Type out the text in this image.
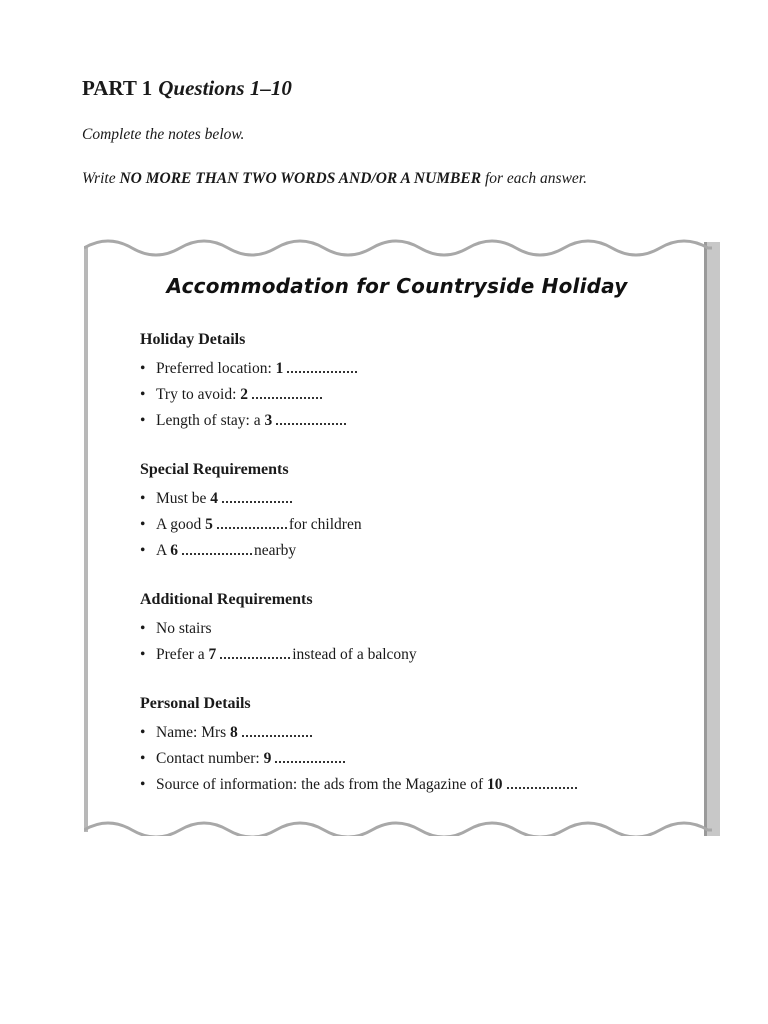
PART 1 Questions 1–10

Complete the notes below.

Write NO MORE THAN TWO WORDS AND/OR A NUMBER for each answer.

Accommodation for Countryside Holiday
Holiday Details
• Preferred location: 1
• Try to avoid: 2
• Length of stay: a 3
Special Requirements
• Must be 4
• A good 5	for children
• A 6	nearby
Additional Requirements
• No stairs
• Prefer a 7	instead of a balcony
Personal Details
• Name: Mrs 8
• Contact number: 9
• Source of information: the ads from the Magazine of 10
